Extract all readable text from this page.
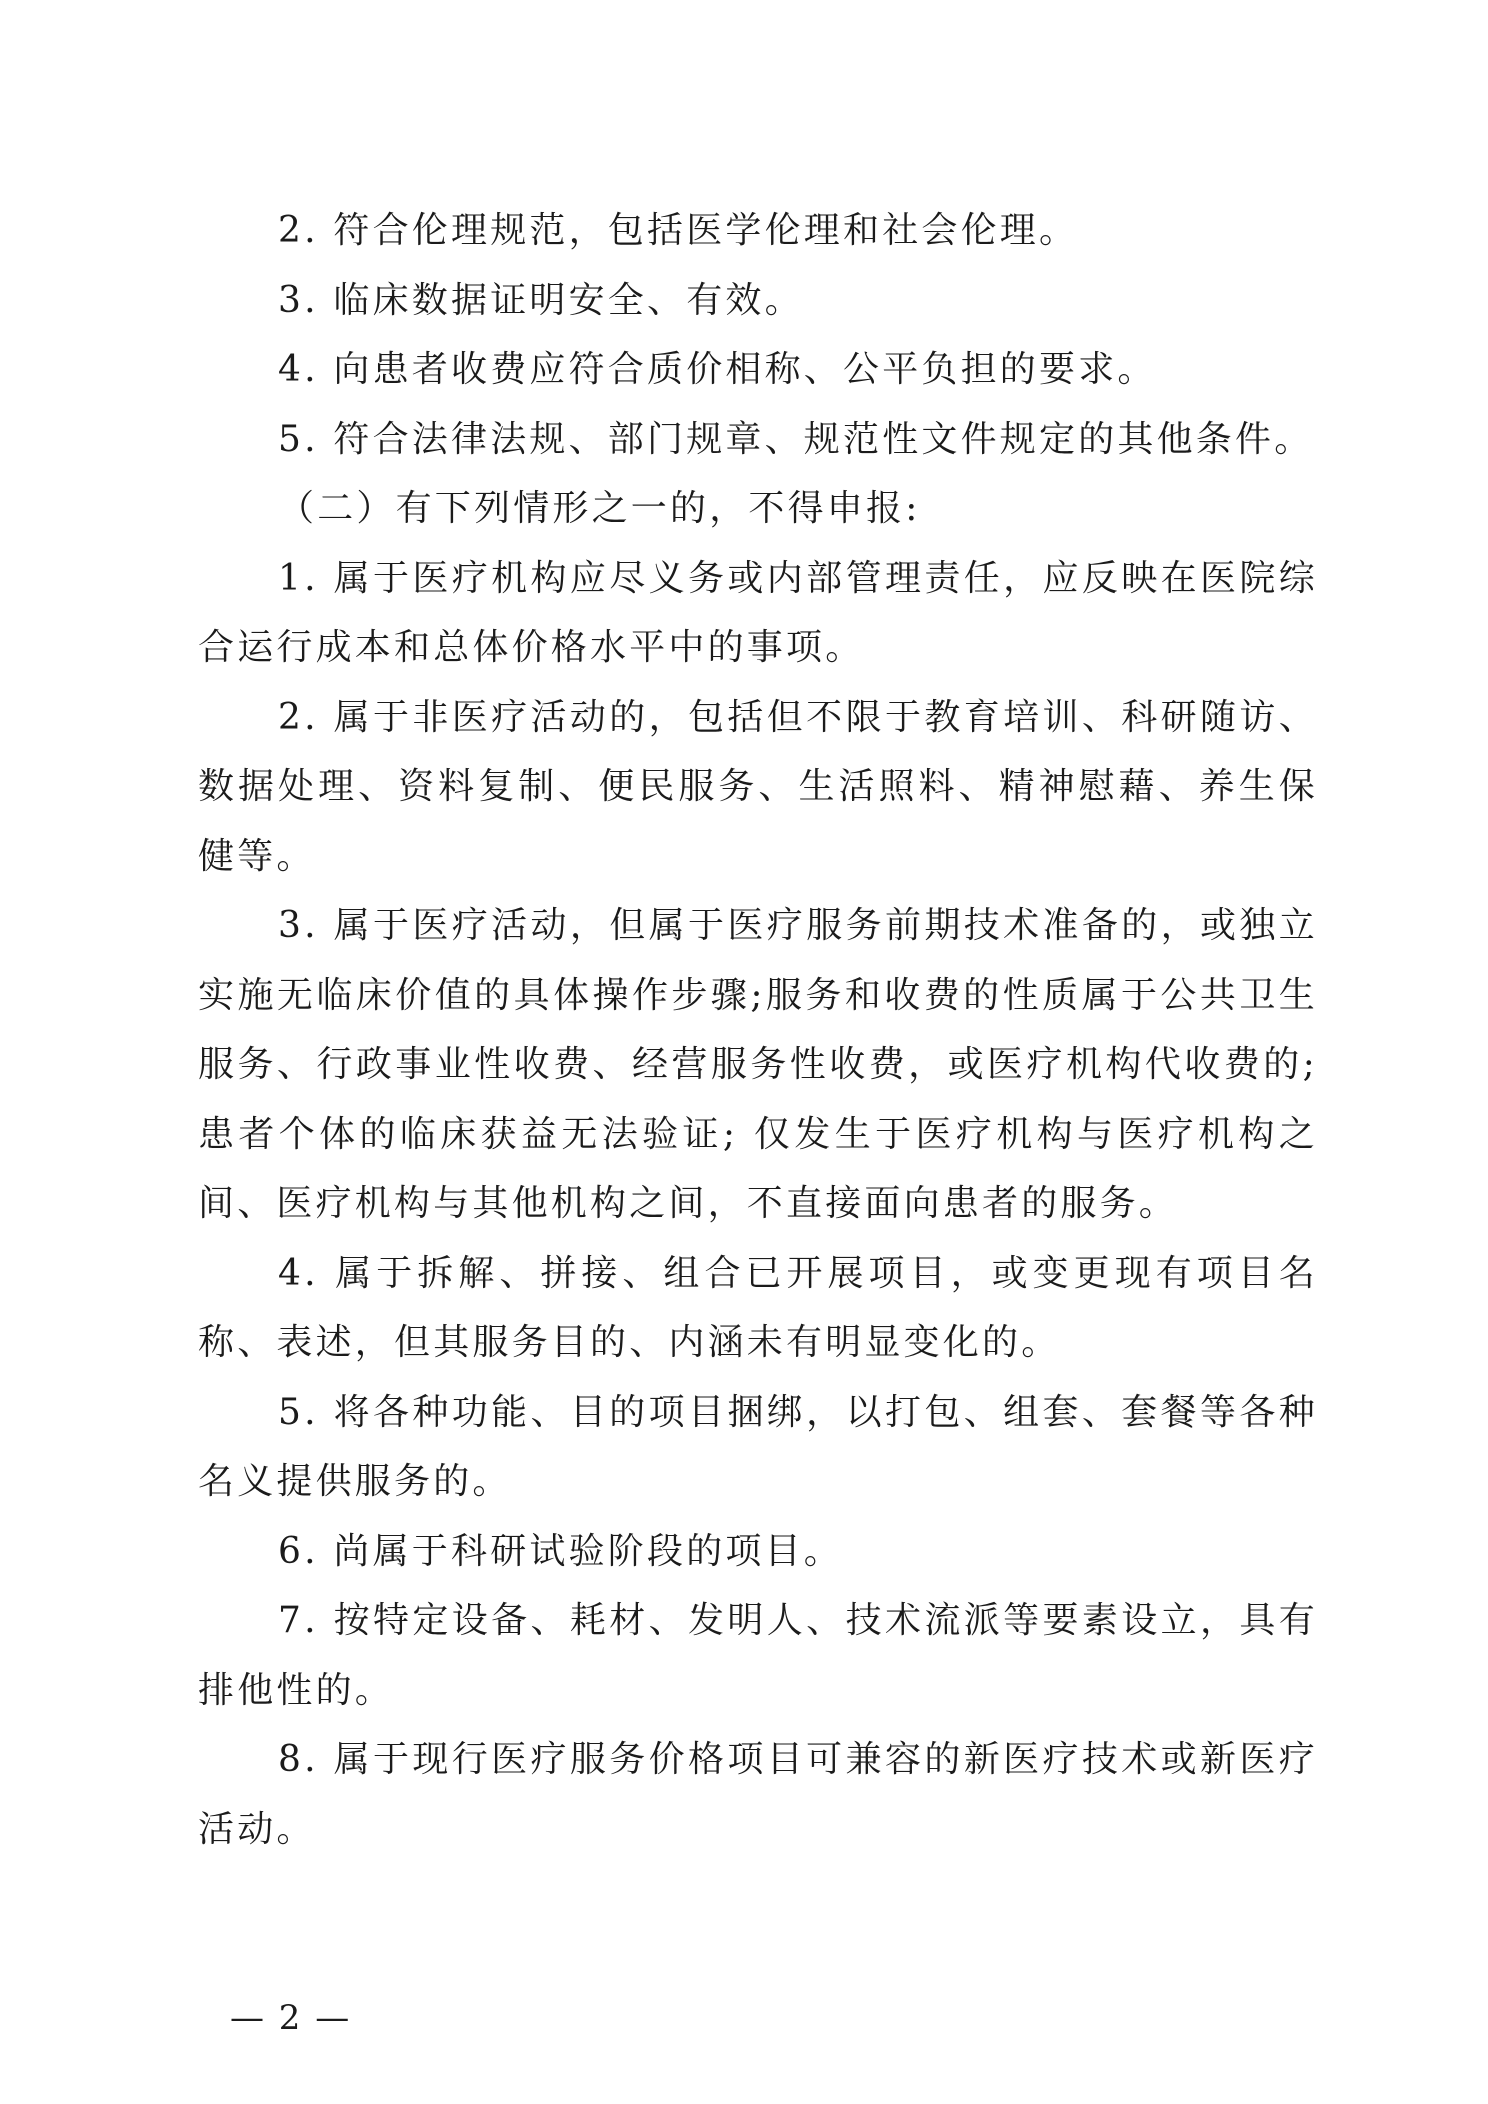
2. 符合伦理规范，包括医学伦理和社会伦理。

3. 临床数据证明安全、有效。

4. 向患者收费应符合质价相称、公平负担的要求。

5. 符合法律法规、部门规章、规范性文件规定的其他条件。

（二）有下列情形之一的，不得申报:

1. 属于医疗机构应尽义务或内部管理责任，应反映在医院综合运行成本和总体价格水平中的事项。

2. 属于非医疗活动的，包括但不限于教育培训、科研随访、数据处理、资料复制、便民服务、生活照料、精神慰藉、养生保健等。

3. 属于医疗活动，但属于医疗服务前期技术准备的，或独立实施无临床价值的具体操作步骤;服务和收费的性质属于公共卫生服务、行政事业性收费、经营服务性收费，或医疗机构代收费的; 患者个体的临床获益无法验证; 仅发生于医疗机构与医疗机构之间、医疗机构与其他机构之间，不直接面向患者的服务。

4. 属于拆解、拼接、组合已开展项目，或变更现有项目名称、表述，但其服务目的、内涵未有明显变化的。

5. 将各种功能、目的项目捆绑，以打包、组套、套餐等各种名义提供服务的。

6. 尚属于科研试验阶段的项目。

7. 按特定设备、耗材、发明人、技术流派等要素设立，具有排他性的。

8. 属于现行医疗服务价格项目可兼容的新医疗技术或新医疗活动。

— 2 —
